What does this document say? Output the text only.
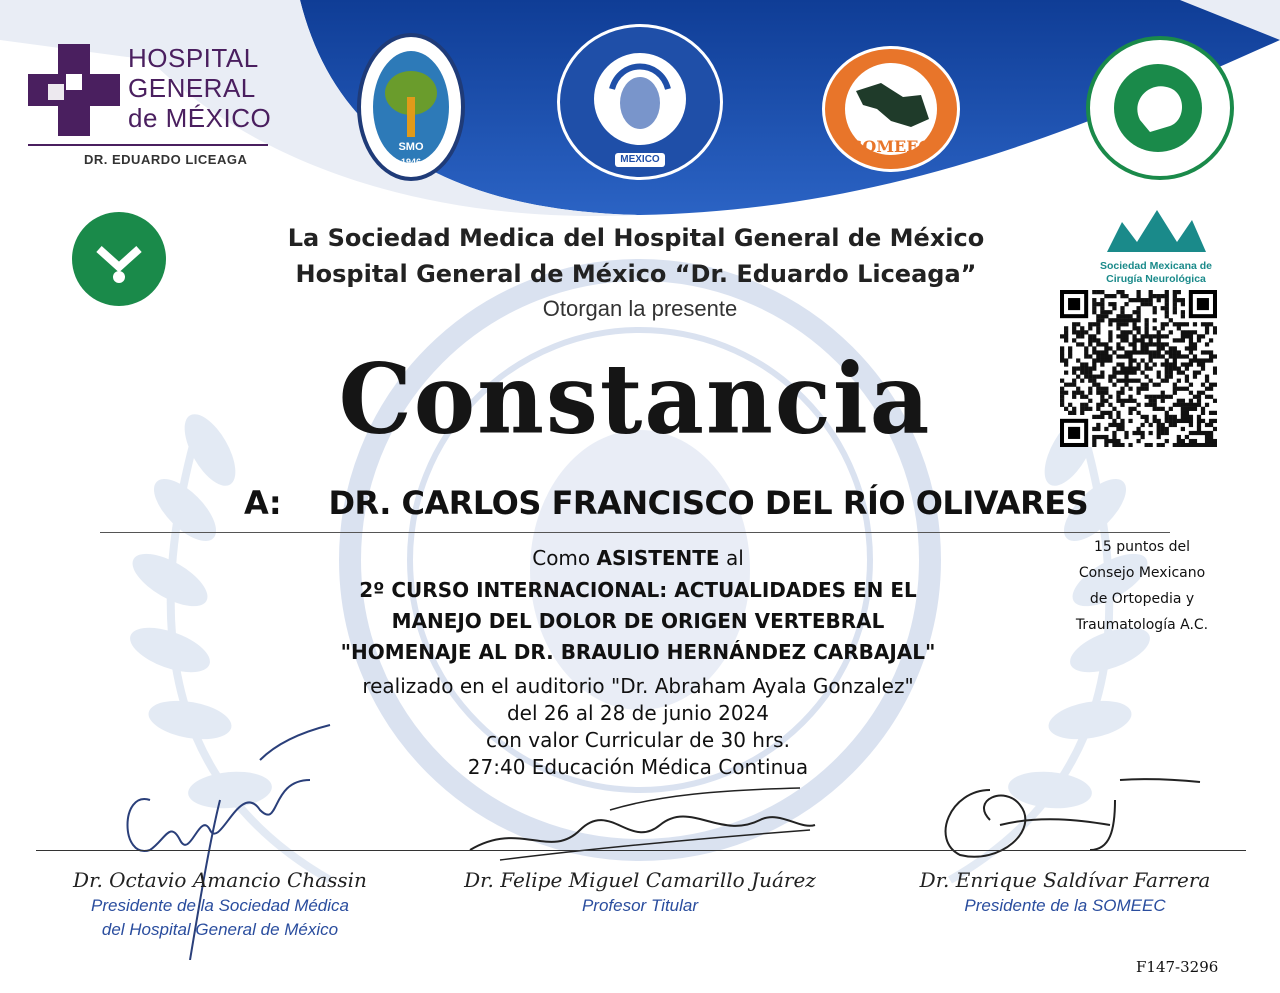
HOSPITAL
GENERAL
de MÉXICO
DR. EDUARDO LICEAGA
SMO
1946	MEXICO
SOMEEC
Sociedad Mexicana de
Cirugía Neurológica
La Sociedad Medica del Hospital General de México
Hospital General de México “Dr. Eduardo Liceaga”
Otorgan la presente
Constancia
A: DR. CARLOS FRANCISCO DEL RÍO OLIVARES
Como ASISTENTE al
2º CURSO INTERNACIONAL: ACTUALIDADES EN EL
MANEJO DEL DOLOR DE ORIGEN VERTEBRAL
"HOMENAJE AL DR. BRAULIO HERNÁNDEZ CARBAJAL"
realizado en el auditorio "Dr. Abraham Ayala Gonzalez"
del 26 al 28 de junio 2024
con valor Curricular de 30 hrs.
27:40 Educación Médica Continua
15 puntos del
Consejo Mexicano
de Ortopedia y
Traumatología A.C.
Dr. Octavio Amancio Chassin
Presidente de la Sociedad Médica
del Hospital General de México
Dr. Felipe Miguel Camarillo Juárez
Profesor Titular
Dr. Enrique Saldívar Farrera
Presidente de la SOMEEC
F147-3296
